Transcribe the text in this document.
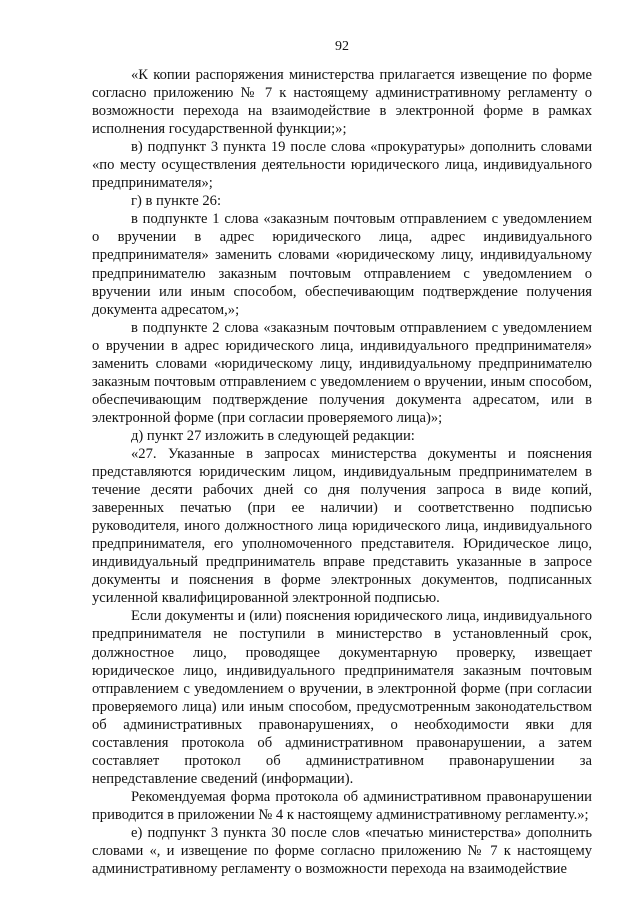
92

«К копии распоряжения министерства прилагается извещение по форме согласно приложению № 7 к настоящему административному регламенту о возможности перехода на взаимодействие в электронной форме в рамках исполнения государственной функции;»;

в) подпункт 3 пункта 19 после слова «прокуратуры» дополнить словами «по месту осуществления деятельности юридического лица, индивидуального предпринимателя»;

г) в пункте 26:

в подпункте 1 слова «заказным почтовым отправлением с уведомлением о вручении в адрес юридического лица, адрес индивидуального предпринимателя» заменить словами «юридическому лицу, индивидуальному предпринимателю заказным почтовым отправлением с уведомлением о вручении или иным способом, обеспечивающим подтверждение получения документа адресатом,»;

в подпункте 2 слова «заказным почтовым отправлением с уведомлением о вручении в адрес юридического лица, индивидуального предпринимателя» заменить словами «юридическому лицу, индивидуальному предпринимателю заказным почтовым отправлением с уведомлением о вручении, иным способом, обеспечивающим подтверждение получения документа адресатом, или в электронной форме (при согласии проверяемого лица)»;

д) пункт 27 изложить в следующей редакции:

«27. Указанные в запросах министерства документы и пояснения представляются юридическим лицом, индивидуальным предпринимателем в течение десяти рабочих дней со дня получения запроса в виде копий, заверенных печатью (при ее наличии) и соответственно подписью руководителя, иного должностного лица юридического лица, индивидуального предпринимателя, его уполномоченного представителя. Юридическое лицо, индивидуальный предприниматель вправе представить указанные в запросе документы и пояснения в форме электронных документов, подписанных усиленной квалифицированной электронной подписью.

Если документы и (или) пояснения юридического лица, индивидуального предпринимателя не поступили в министерство в установленный срок, должностное лицо, проводящее документарную проверку, извещает юридическое лицо, индивидуального предпринимателя заказным почтовым отправлением с уведомлением о вручении, в электронной форме (при согласии проверяемого лица) или иным способом, предусмотренным законодательством об административных правонарушениях, о необходимости явки для составления протокола об административном правонарушении, а затем составляет протокол об административном правонарушении за непредставление сведений (информации).

Рекомендуемая форма протокола об административном правонарушении приводится в приложении № 4 к настоящему административному регламенту.»;

е) подпункт 3 пункта 30 после слов «печатью министерства» дополнить словами «, и извещение по форме согласно приложению № 7 к настоящему административному регламенту о возможности перехода на взаимодействие
